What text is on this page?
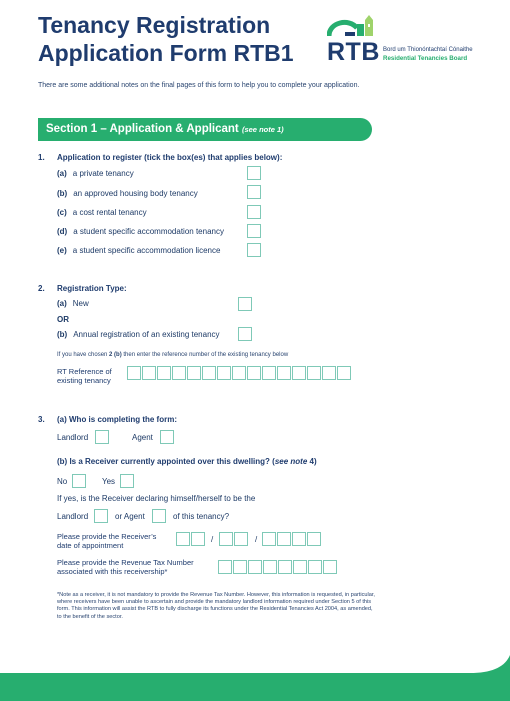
Tenancy Registration
Application Form RTB1 RTB Bord um Thionóntachtaí Cónaithe
Residential Tenancies Board
There are some additional notes on the final pages of this form to help you to complete your application.
Section 1 – Application & Applicant (see note 1)
1. Application to register (tick the box(es) that applies below):
(a) a private tenancy
(b) an approved housing body tenancy
(c) a cost rental tenancy
(d) a student specific accommodation tenancy
(e) a student specific accommodation licence
2. Registration Type:
(a) New
OR
(b) Annual registration of an existing tenancy
If you have chosen 2 (b) then enter the reference number of the existing tenancy below
RT Reference of
existing tenancy
3. (a) Who is completing the form:
Landlord	Agent
(b) Is a Receiver currently appointed over this dwelling? (see note 4)
No	Yes
If yes, is the Receiver declaring himself/herself to be the
Landlord	or Agent	of this tenancy?
Please provide the Receiver’s
date of appointment
/	/
Please provide the Revenue Tax Number
associated with this receivership*
*Note as a receiver, it is not mandatory to provide the Revenue Tax Number. However, this information is requested, in particular, where receivers have been unable to ascertain and provide the mandatory landlord information required under Section 5 of this form. This information will assist the RTB to fully discharge its functions under the Residential Tenancies Act 2004, as amended, to the benefit of the sector.
